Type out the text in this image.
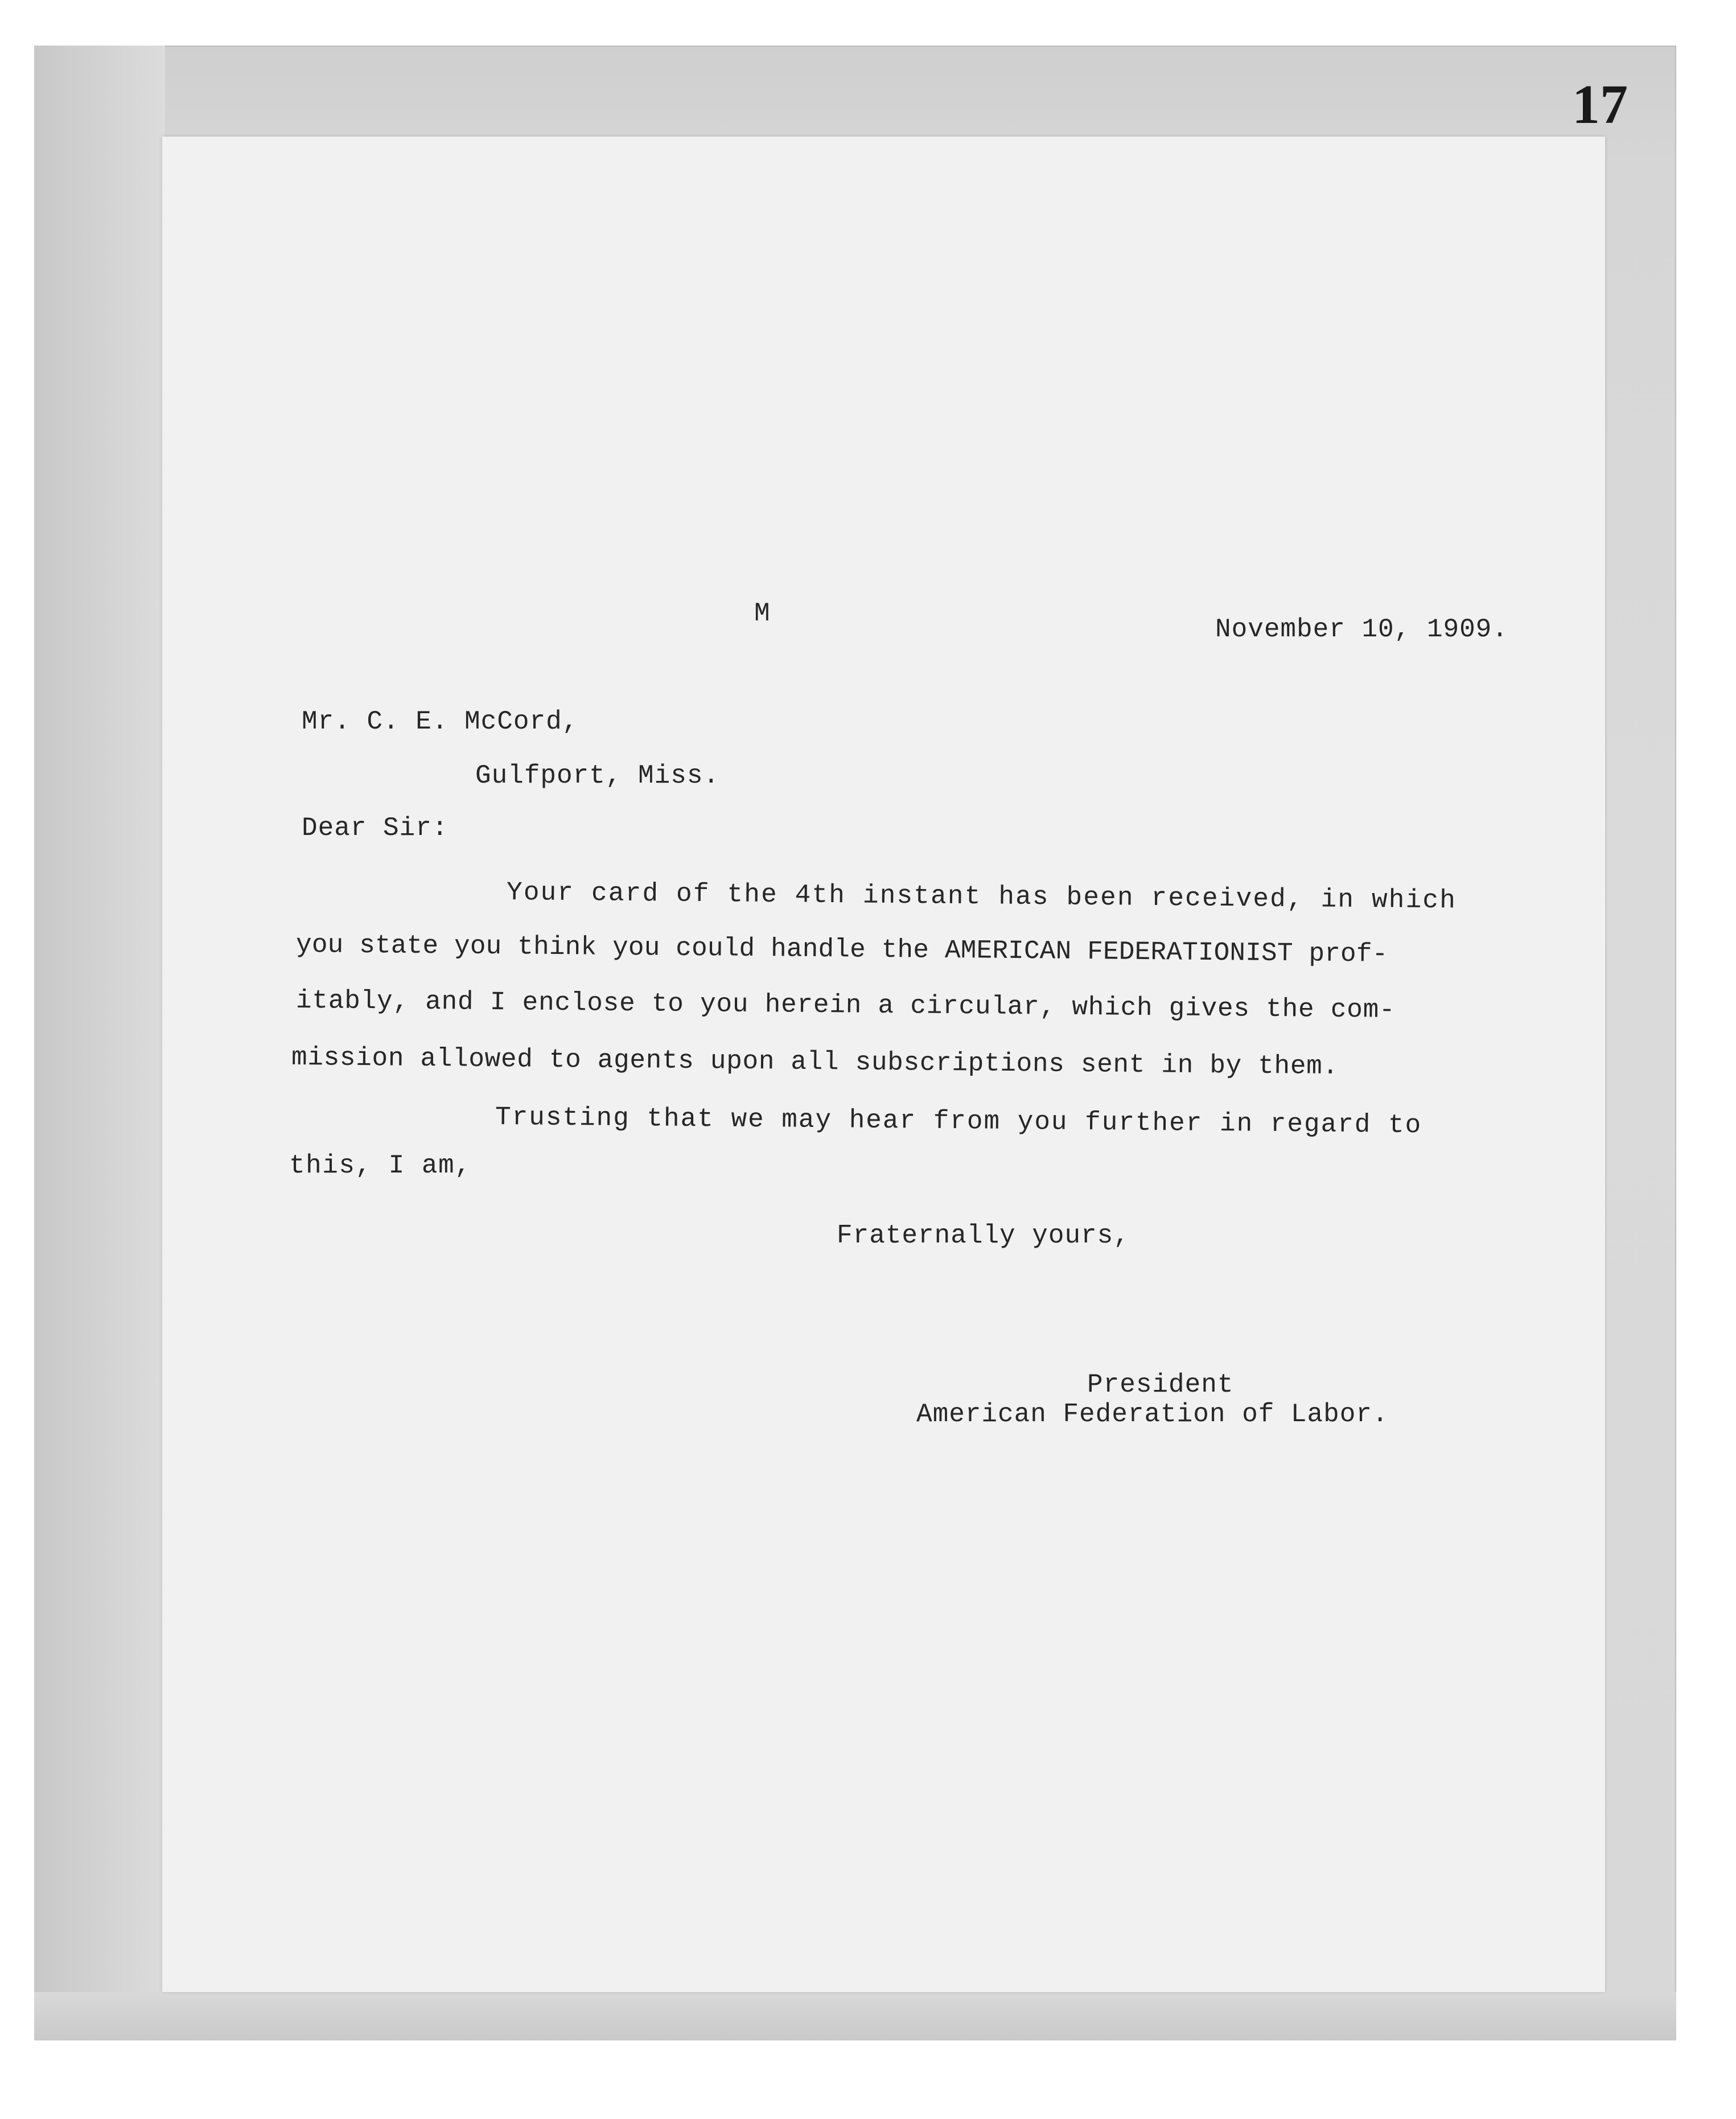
17
M
November 10, 1909.
Mr. C. E. McCord,
Gulfport, Miss.
Dear Sir:
Your card of the 4th instant has been received, in which
you state you think you could handle the AMERICAN FEDERATIONIST prof-
itably, and I enclose to you herein a circular, which gives the com-
mission allowed to agents upon all subscriptions sent in by them.
Trusting that we may hear from you further in regard to
this, I am,
Fraternally yours,
President
American Federation of Labor.
